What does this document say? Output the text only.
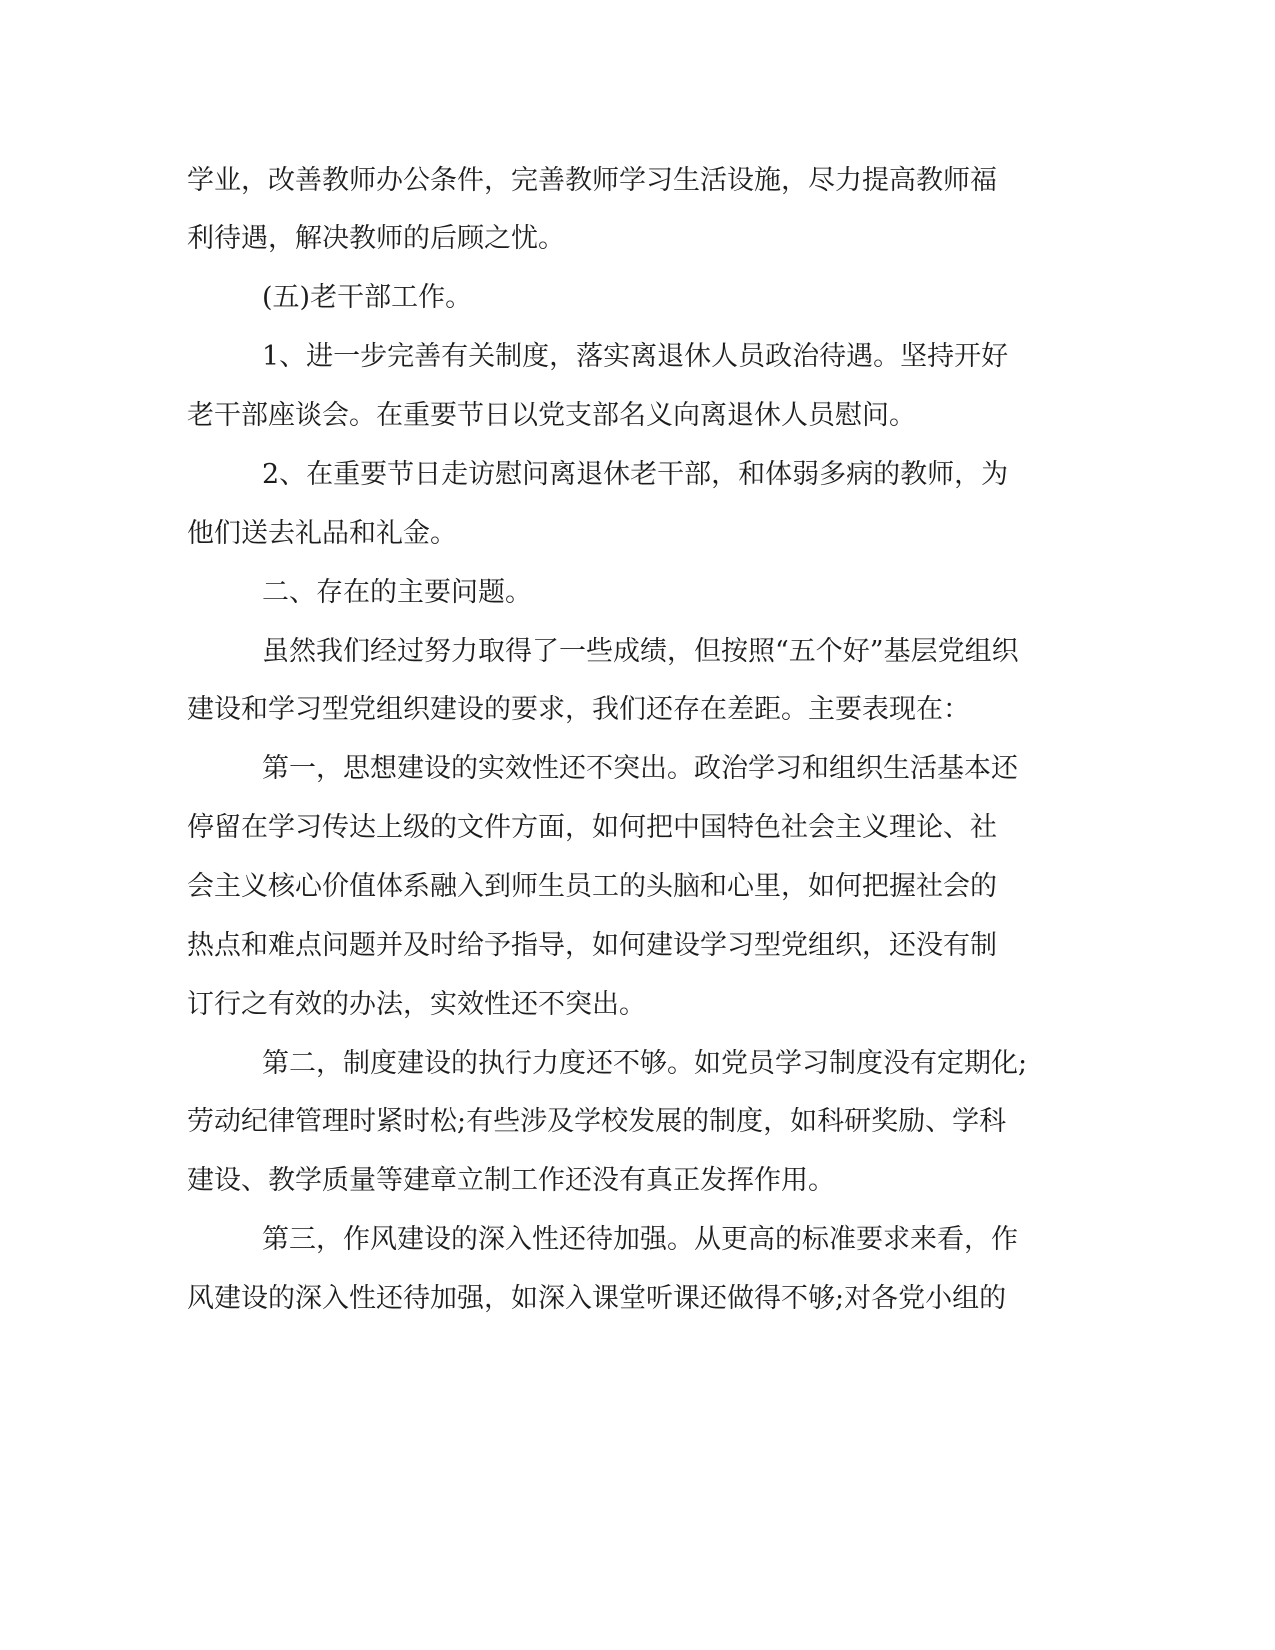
学业，改善教师办公条件，完善教师学习生活设施，尽力提高教师福
利待遇，解决教师的后顾之忧。
(五)老干部工作。
1、进一步完善有关制度，落实离退休人员政治待遇。坚持开好
老干部座谈会。在重要节日以党支部名义向离退休人员慰问。
2、在重要节日走访慰问离退休老干部，和体弱多病的教师，为
他们送去礼品和礼金。
二、存在的主要问题。
虽然我们经过努力取得了一些成绩，但按照“五个好”基层党组织
建设和学习型党组织建设的要求，我们还存在差距。主要表现在：
第一，思想建设的实效性还不突出。政治学习和组织生活基本还
停留在学习传达上级的文件方面，如何把中国特色社会主义理论、社
会主义核心价值体系融入到师生员工的头脑和心里，如何把握社会的
热点和难点问题并及时给予指导，如何建设学习型党组织，还没有制
订行之有效的办法，实效性还不突出。
第二，制度建设的执行力度还不够。如党员学习制度没有定期化;
劳动纪律管理时紧时松;有些涉及学校发展的制度，如科研奖励、学科
建设、教学质量等建章立制工作还没有真正发挥作用。
第三，作风建设的深入性还待加强。从更高的标准要求来看，作
风建设的深入性还待加强，如深入课堂听课还做得不够;对各党小组的
